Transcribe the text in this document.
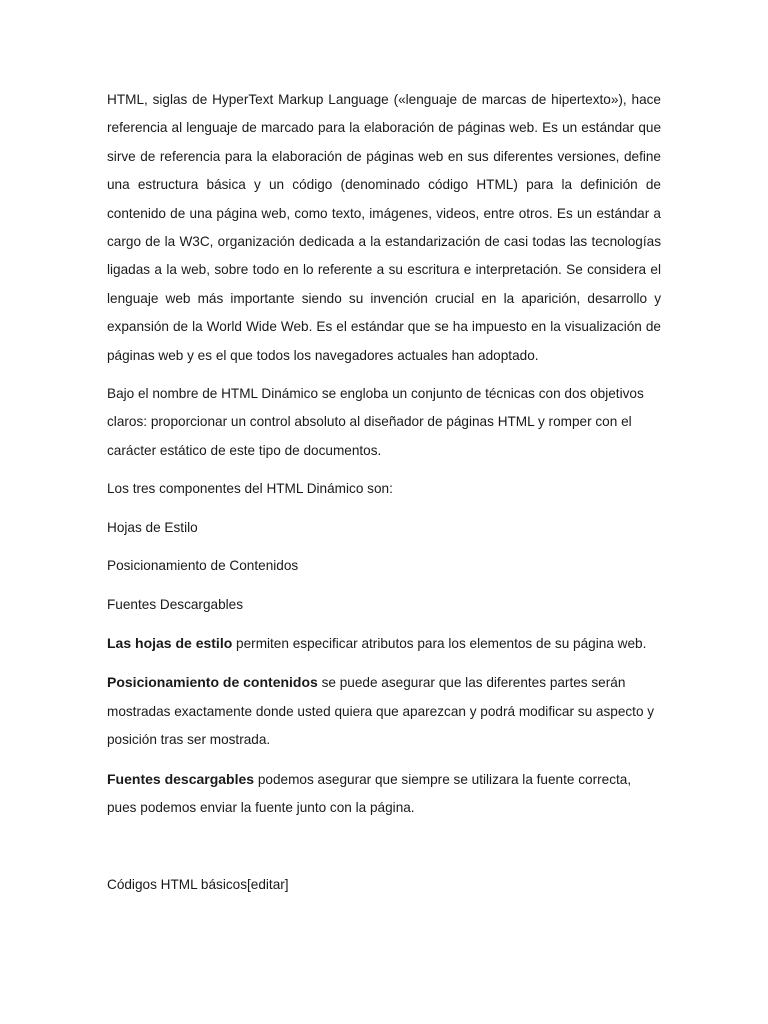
HTML, siglas de HyperText Markup Language («lenguaje de marcas de hipertexto»), hace referencia al lenguaje de marcado para la elaboración de páginas web. Es un estándar que sirve de referencia para la elaboración de páginas web en sus diferentes versiones, define una estructura básica y un código (denominado código HTML) para la definición de contenido de una página web, como texto, imágenes, videos, entre otros. Es un estándar a cargo de la W3C, organización dedicada a la estandarización de casi todas las tecnologías ligadas a la web, sobre todo en lo referente a su escritura e interpretación. Se considera el lenguaje web más importante siendo su invención crucial en la aparición, desarrollo y expansión de la World Wide Web. Es el estándar que se ha impuesto en la visualización de páginas web y es el que todos los navegadores actuales han adoptado.

Bajo el nombre de HTML Dinámico se engloba un conjunto de técnicas con dos objetivos claros: proporcionar un control absoluto al diseñador de páginas HTML y romper con el carácter estático de este tipo de documentos.

Los tres componentes del HTML Dinámico son:

Hojas de Estilo

Posicionamiento de Contenidos

Fuentes Descargables

Las hojas de estilo permiten especificar atributos para los elementos de su página web.

Posicionamiento de contenidos se puede asegurar que las diferentes partes serán mostradas exactamente donde usted quiera que aparezcan y podrá modificar su aspecto y posición tras ser mostrada.

Fuentes descargables podemos asegurar que siempre se utilizara la fuente correcta, pues podemos enviar la fuente junto con la página.

Códigos HTML básicos[editar]
